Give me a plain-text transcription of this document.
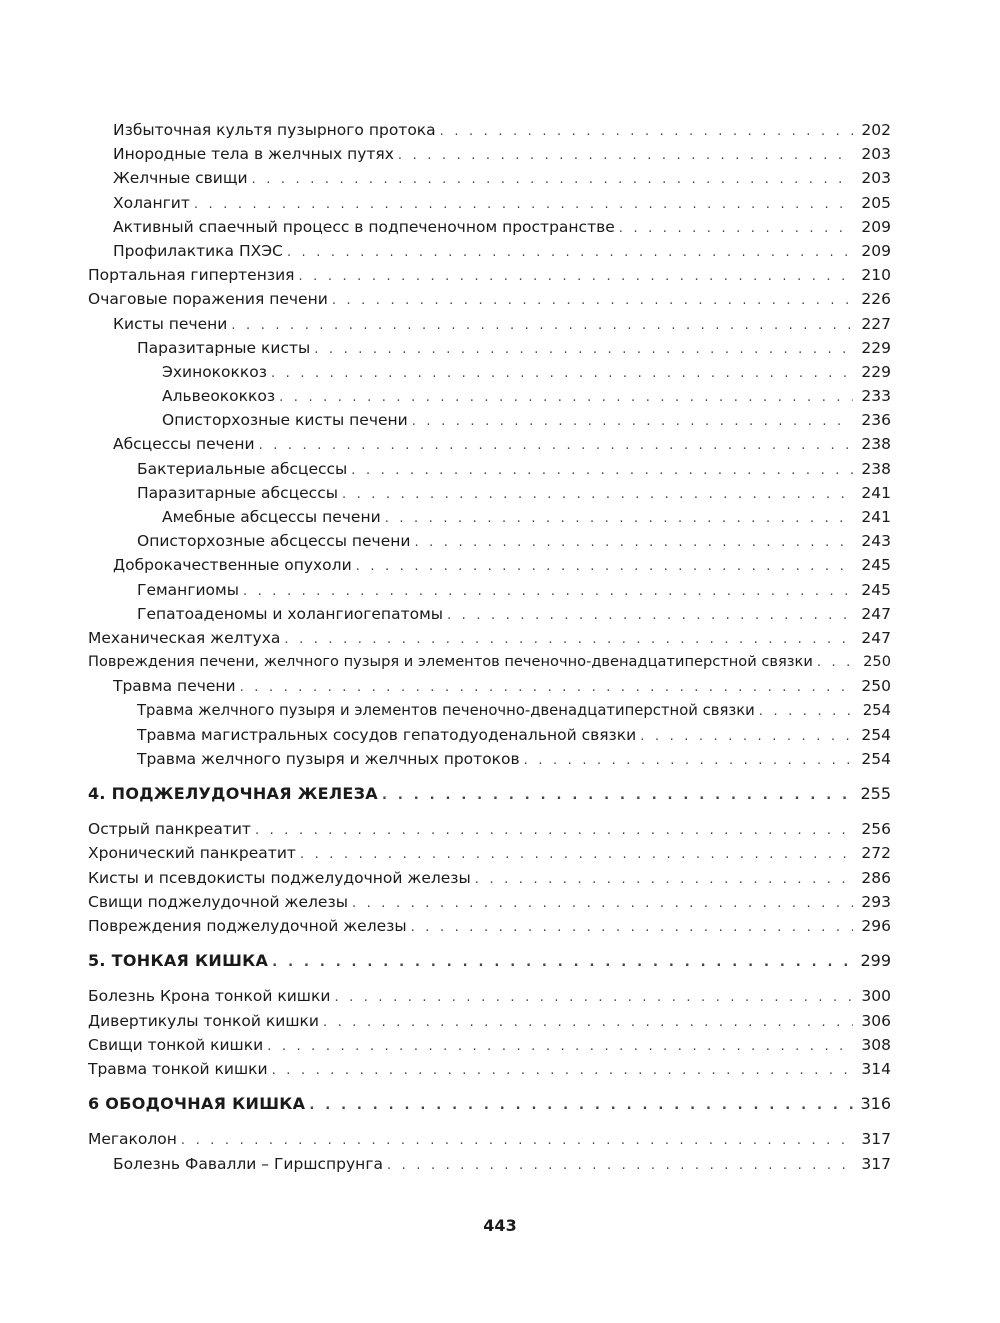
Избыточная культя пузырного протока . . .	202
Инородные тела в желчных путях . . .	203
Желчные свищи . . .	203
Холангит . . .	205
Активный спаечный процесс в подпеченочном пространстве . . .	209
Профилактика ПХЭС . . .	209
Портальная гипертензия . . .	210
Очаговые поражения печени . . .	226
Кисты печени . . .	227
Паразитарные кисты . . .	229
Эхинококкоз . . .	229
Альвеококкоз . . .	233
Описторхозные кисты печени . . .	236
Абсцессы печени . . .	238
Бактериальные абсцессы . . .	238
Паразитарные абсцессы . . .	241
Амебные абсцессы печени . . .	241
Описторхозные абсцессы печени . . .	243
Доброкачественные опухоли . . .	245
Гемангиомы . . .	245
Гепатоаденомы и холангиогепатомы . . .	247
Механическая желтуха . . .	247
Повреждения печени, желчного пузыря и элементов печеночно-двенадцатиперстной связки . . .	250
Травма печени . . .	250
Травма желчного пузыря и элементов печеночно-двенадцатиперстной связки . . .	254
Травма магистральных сосудов гепатодуоденальной связки . . .	254
Травма желчного пузыря и желчных протоков . . .	254
4. ПОДЖЕЛУДОЧНАЯ ЖЕЛЕЗА . . .	255
Острый панкреатит . . .	256
Хронический панкреатит . . .	272
Кисты и псевдокисты поджелудочной железы . . .	286
Свищи поджелудочной железы . . .	293
Повреждения поджелудочной железы . . .	296
5. ТОНКАЯ КИШКА . . .	299
Болезнь Крона тонкой кишки . . .	300
Дивертикулы тонкой кишки . . .	306
Свищи тонкой кишки . . .	308
Травма тонкой кишки . . .	314
6 ОБОДОЧНАЯ КИШКА . . .	316
Мегаколон . . .	317
Болезнь Фавалли – Гиршспрунга . . .	317
443
